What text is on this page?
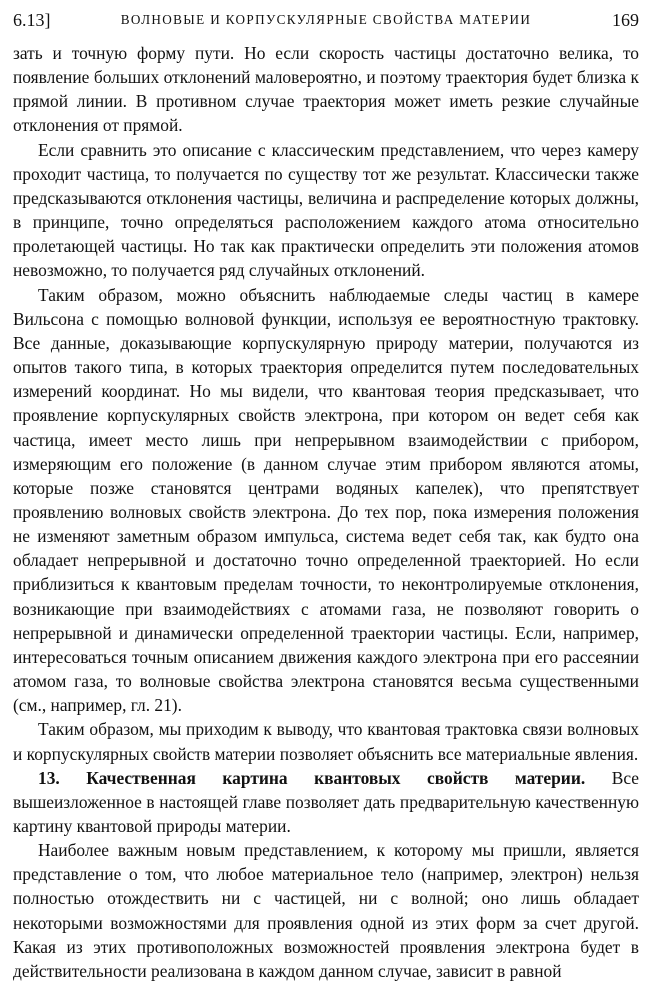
6.13]	ВОЛНОВЫЕ И КОРПУСКУЛЯРНЫЕ СВОЙСТВА МАТЕРИИ	169

зать и точную форму пути. Но если скорость частицы достаточно велика, то появление больших отклонений маловероятно, и поэтому траектория будет близка к прямой линии. В противном случае траектория может иметь резкие случайные отклонения от прямой.

Если сравнить это описание с классическим представлением, что через камеру проходит частица, то получается по существу тот же результат. Классически также предсказываются отклонения частицы, величина и распределение которых должны, в принципе, точно определяться расположением каждого атома относительно пролетающей частицы. Но так как практически определить эти положения атомов невозможно, то получается ряд случайных отклонений.

Таким образом, можно объяснить наблюдаемые следы частиц в камере Вильсона с помощью волновой функции, используя ее вероятностную трактовку. Все данные, доказывающие корпускулярную природу материи, получаются из опытов такого типа, в которых траектория определится путем последовательных измерений координат. Но мы видели, что квантовая теория предсказывает, что проявление корпускулярных свойств электрона, при котором он ведет себя как частица, имеет место лишь при непрерывном взаимодействии с прибором, измеряющим его положение (в данном случае этим прибором являются атомы, которые позже становятся центрами водяных капелек), что препятствует проявлению волновых свойств электрона. До тех пор, пока измерения положения не изменяют заметным образом импульса, система ведет себя так, как будто она обладает непрерывной и достаточно точно определенной траекторией. Но если приблизиться к квантовым пределам точности, то неконтролируемые отклонения, возникающие при взаимодействиях с атомами газа, не позволяют говорить о непрерывной и динамически определенной траектории частицы. Если, например, интересоваться точным описанием движения каждого электрона при его рассеянии атомом газа, то волновые свойства электрона становятся весьма существенными (см., например, гл. 21).

Таким образом, мы приходим к выводу, что квантовая трактовка связи волновых и корпускулярных свойств материи позволяет объяснить все материальные явления.

13. Качественная картина квантовых свойств материи. Все вышеизложенное в настоящей главе позволяет дать предварительную качественную картину квантовой природы материи.

Наиболее важным новым представлением, к которому мы пришли, является представление о том, что любое материальное тело (например, электрон) нельзя полностью отождествить ни с частицей, ни с волной; оно лишь обладает некоторыми возможностями для проявления одной из этих форм за счет другой. Какая из этих противоположных возможностей проявления электрона будет в действительности реализована в каждом данном случае, зависит в равной
